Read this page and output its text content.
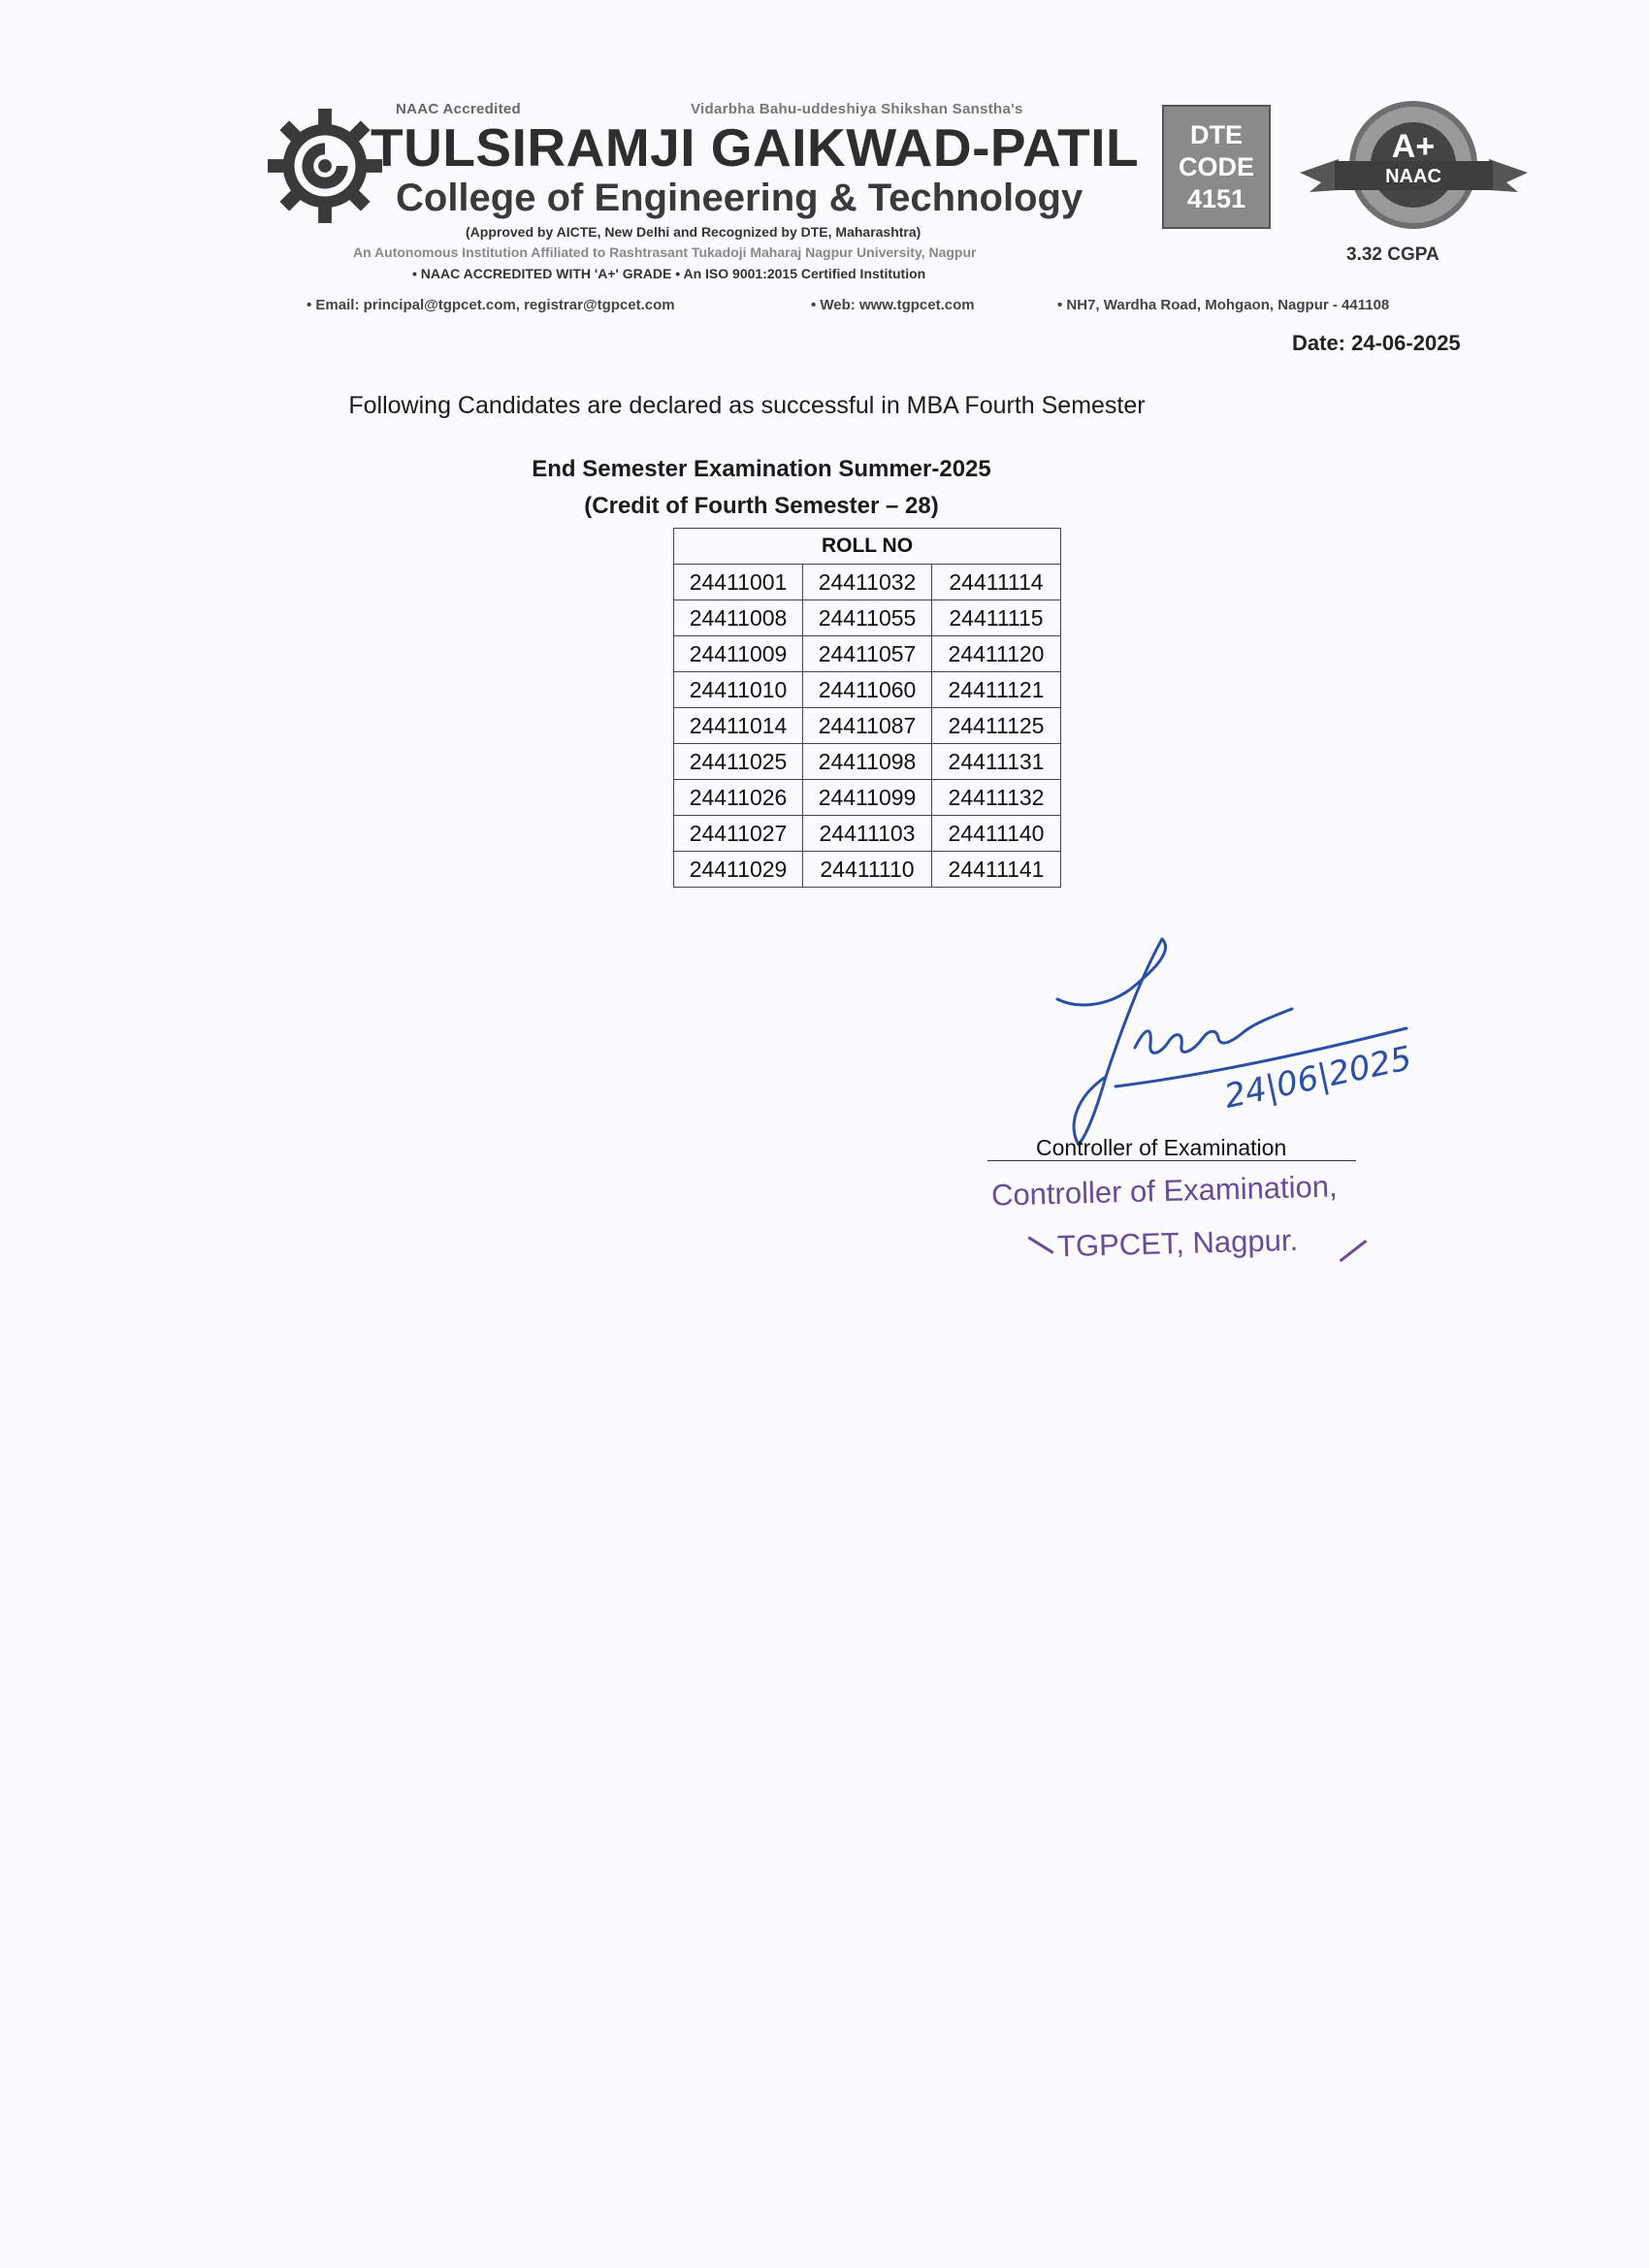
NAAC Accredited	Vidarbha Bahu-uddeshiya Shikshan Sanstha's
TULSIRAMJI GAIKWAD-PATIL
College of Engineering & Technology
(Approved by AICTE, New Delhi and Recognized by DTE, Maharashtra)
An Autonomous Institution Affiliated to Rashtrasant Tukadoji Maharaj Nagpur University, Nagpur
• NAAC ACCREDITED WITH 'A+' GRADE • An ISO 9001:2015 Certified Institution
DTE
CODE
4151
A+
NAAC
3.32 CGPA
• Email: principal@tgpcet.com, registrar@tgpcet.com	• Web: www.tgpcet.com	• NH7, Wardha Road, Mohgaon, Nagpur - 441108
Date: 24-06-2025
Following Candidates are declared as successful in MBA Fourth Semester
End Semester Examination Summer-2025
(Credit of Fourth Semester – 28)
ROLL NO		
24411001	24411032	24411114
24411008	24411055	24411115
24411009	24411057	24411120
24411010	24411060	24411121
24411014	24411087	24411125
24411025	24411098	24411131
24411026	24411099	24411132
24411027	24411103	24411140
24411029	24411110	24411141
24|06|2025
Controller of Examination
Controller of Examination,
TGPCET, Nagpur.
